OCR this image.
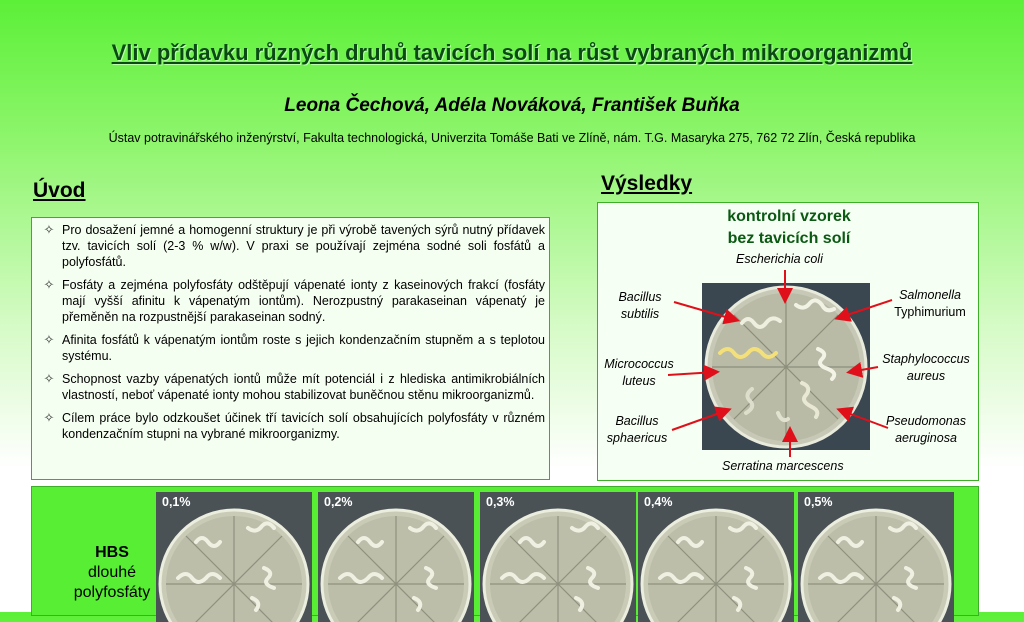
Vliv přídavku různých druhů tavicích solí na růst vybraných mikroorganizmů
Leona Čechová, Adéla Nováková, František Buňka
Ústav potravinářského inženýrství, Fakulta technologická, Univerzita Tomáše Bati ve Zlíně, nám. T.G. Masaryka 275, 762 72 Zlín, Česká republika
Úvod	Výsledky
✧ Pro dosažení jemné a homogenní struktury je při výrobě tavených sýrů nutný přídavek tzv. tavicích solí (2-3 % w/w). V praxi se používají zejména sodné soli fosfátů a polyfosfátů.
✧ Fosfáty a zejména polyfosfáty odštěpují vápenaté ionty z kaseinových frakcí (fosfáty mají vyšší afinitu k vápenatým iontům). Nerozpustný parakaseinan vápenatý je přeměněn na rozpustnější parakaseinan sodný.
✧ Afinita fosfátů k vápenatým iontům roste s jejich kondenzačním stupněm a s teplotou systému.
✧ Schopnost vazby vápenatých iontů může mít potenciál i z hlediska antimikrobiálních vlastností, neboť vápenaté ionty mohou stabilizovat buněčnou stěnu mikroorganizmů.
✧ Cílem práce bylo odzkoušet účinek tří tavicích solí obsahujících polyfosfáty v různém kondenzačním stupni na vybrané mikroorganizmy.
kontrolní vzorek
bez tavicích solí
Escherichia coli
Salmonella
Typhimurium
Bacillus
subtilis
Micrococcus
luteus
Staphylococcus
aureus
Bacillus
sphaericus
Pseudomonas
aeruginosa
Serratina marcescens
HBS
dlouhé
polyfosfáty
0,1%	0,2%	0,3%	0,4%	0,5%
